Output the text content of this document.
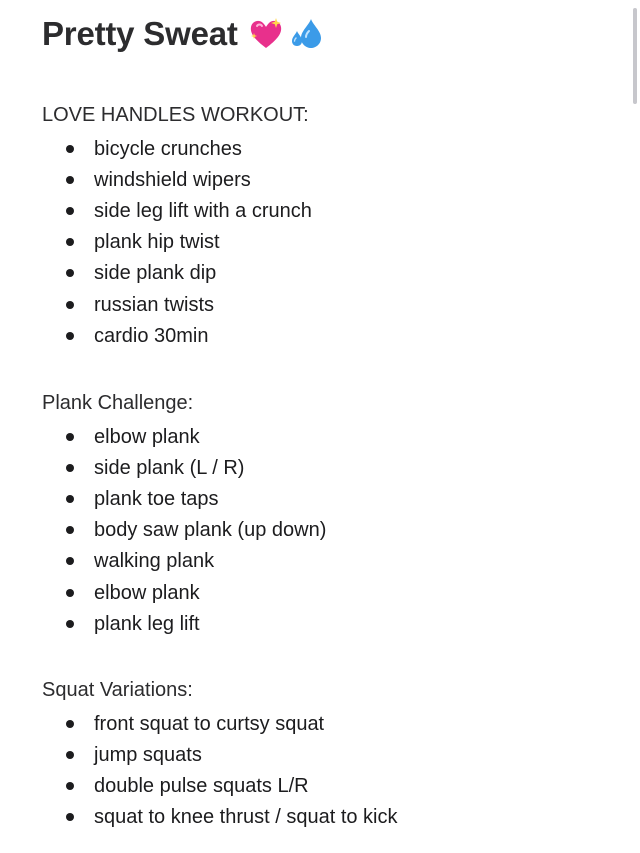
Pretty Sweat
LOVE HANDLES WORKOUT:
bicycle crunches
windshield wipers
side leg lift with a crunch
plank hip twist
side plank dip
russian twists
cardio 30min
Plank Challenge:
elbow plank
side plank (L / R)
plank toe taps
body saw plank (up down)
walking plank
elbow plank
plank leg lift
Squat Variations:
front squat to curtsy squat
jump squats
double pulse squats L/R
squat to knee thrust / squat to kick
